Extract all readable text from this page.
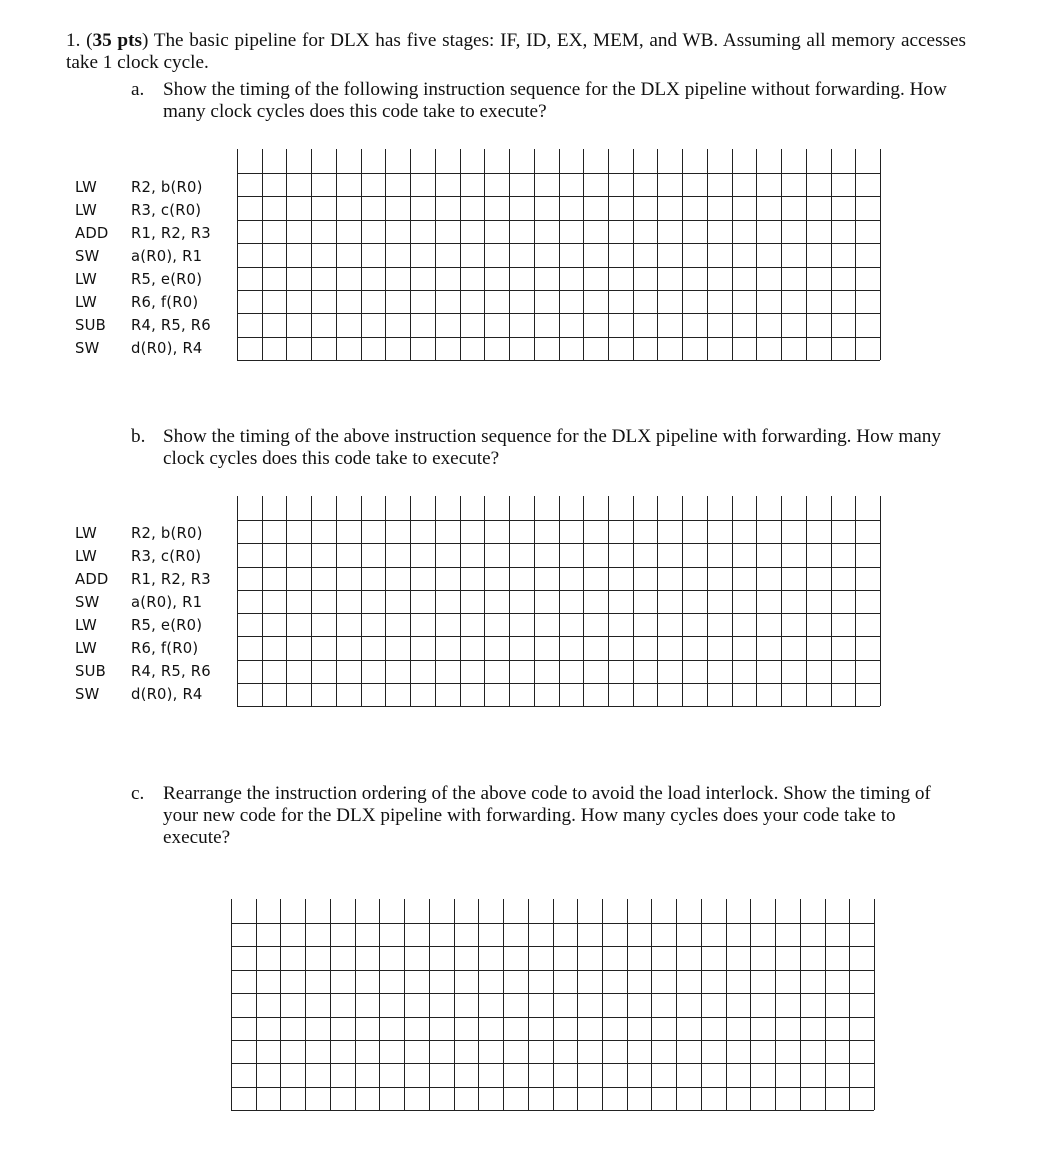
1. (35 pts) The basic pipeline for DLX has five stages: IF, ID, EX, MEM, and WB. Assuming all memory accesses take 1 clock cycle.
a. Show the timing of the following instruction sequence for the DLX pipeline without forwarding. How many clock cycles does this code take to execute?
LW R2, b(R0)
LW R3, c(R0)
ADD R1, R2, R3
SW a(R0), R1
LW R5, e(R0)
LW R6, f(R0)
SUB R4, R5, R6
SW d(R0), R4
b. Show the timing of the above instruction sequence for the DLX pipeline with forwarding. How many clock cycles does this code take to execute?
LW R2, b(R0)
LW R3, c(R0)
ADD R1, R2, R3
SW a(R0), R1
LW R5, e(R0)
LW R6, f(R0)
SUB R4, R5, R6
SW d(R0), R4
c. Rearrange the instruction ordering of the above code to avoid the load interlock. Show the timing of your new code for the DLX pipeline with forwarding. How many cycles does your code take to execute?
